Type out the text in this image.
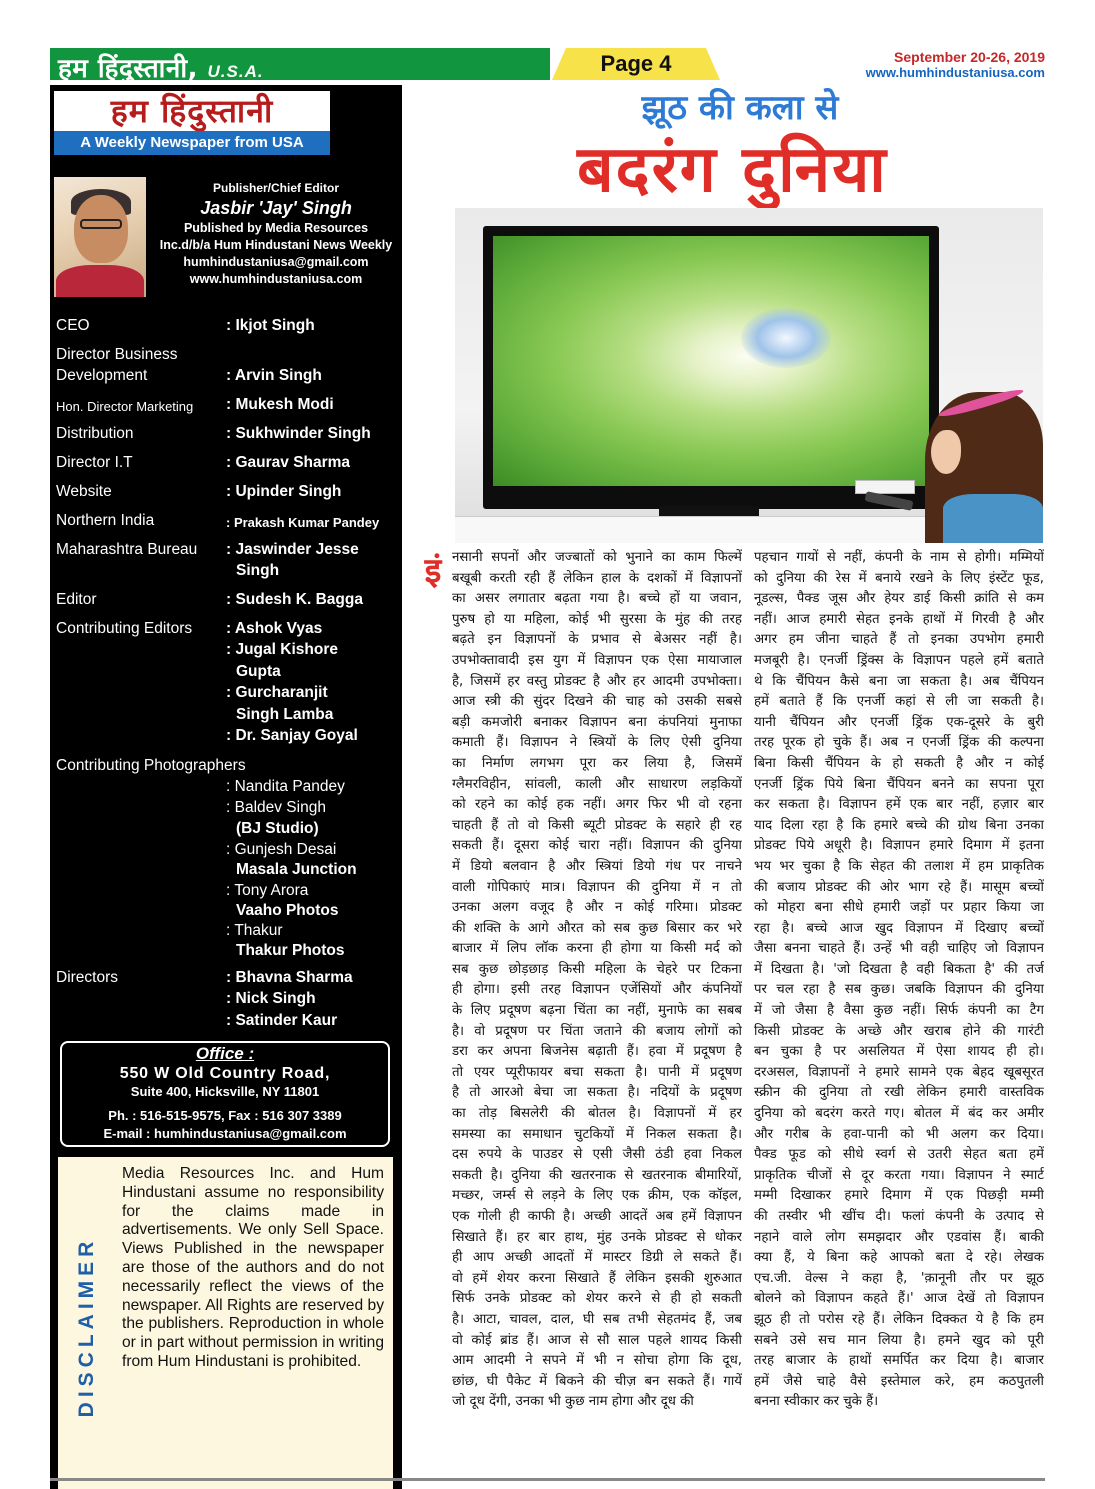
हम हिंदुस्तानी, U.S.A.	Page 4	September 20-26, 2019
www.humhindustaniusa.com
हम हिंदुस्तानी
A Weekly Newspaper from USA
Publisher/Chief Editor
Jasbir 'Jay' Singh
Published by Media Resources
Inc.d/b/a Hum Hindustani News Weekly
humhindustaniusa@gmail.com
www.humhindustaniusa.com
CEO	: Ikjot Singh
Director Business
Development	: Arvin Singh
Hon. Director Marketing	: Mukesh Modi
Distribution	: Sukhwinder Singh
Director I.T	: Gaurav Sharma
Website	: Upinder Singh
Northern India	: Prakash Kumar Pandey
Maharashtra Bureau	: Jaswinder Jesse
Singh
Editor	: Sudesh K. Bagga
Contributing Editors	: Ashok Vyas
: Jugal Kishore
Gupta
: Gurcharanjit
Singh Lamba
: Dr. Sanjay Goyal
Contributing Photographers
: Nandita Pandey
: Baldev Singh
(BJ Studio)
: Gunjesh Desai
Masala Junction
: Tony Arora
Vaaho Photos
: Thakur
Thakur Photos
Directors	: Bhavna Sharma
: Nick Singh
: Satinder Kaur
Office :
550 W Old Country Road,
Suite 400, Hicksville, NY 11801
Ph. : 516-515-9575, Fax : 516 307 3389
E-mail : humhindustaniusa@gmail.com
DISCLAIMER
Media Resources Inc. and Hum Hindustani assume no responsibility for the claims made in advertisements. We only Sell Space. Views Published in the newspaper are those of the authors and do not necessarily reflect the views of the newspaper. All Rights are reserved by the publishers. Reproduction in whole or in part without permission in writing from Hum Hindustani is prohibited.
झूठ की कला से
बदरंग दुनिया
इं नसानी सपनों और जज्बातों को भुनाने का काम फिल्में
बखूबी करती रही हैं लेकिन हाल के दशकों में विज्ञापनों
का असर लगातार बढ़ता गया है। बच्चे हों या जवान,
पुरुष हो या महिला, कोई भी सुरसा के मुंह की तरह
बढ़ते इन विज्ञापनों के प्रभाव से बेअसर नहीं है।
उपभोक्तावादी इस युग में विज्ञापन एक ऐसा मायाजाल
है, जिसमें हर वस्तु प्रोडक्ट है और हर आदमी उपभोक्ता।
आज स्त्री की सुंदर दिखने की चाह को उसकी सबसे
बड़ी कमजोरी बनाकर विज्ञापन बना कंपनियां मुनाफा
कमाती हैं। विज्ञापन ने स्त्रियों के लिए ऐसी दुनिया
का निर्माण लगभग पूरा कर लिया है, जिसमें
ग्लैमरविहीन, सांवली, काली और साधारण लड़कियों
को रहने का कोई हक नहीं। अगर फिर भी वो रहना
चाहती हैं तो वो किसी ब्यूटी प्रोडक्ट के सहारे ही रह
सकती हैं। दूसरा कोई चारा नहीं। विज्ञापन की दुनिया
में डियो बलवान है और स्त्रियां डियो गंध पर नाचने
वाली गोपिकाएं मात्र। विज्ञापन की दुनिया में न तो
उनका अलग वजूद है और न कोई गरिमा। प्रोडक्ट
की शक्ति के आगे औरत को सब कुछ बिसार कर भरे
बाजार में लिप लॉक करना ही होगा या किसी मर्द को
सब कुछ छोड़छाड़ किसी महिला के चेहरे पर टिकना
ही होगा। इसी तरह विज्ञापन एजेंसियों और कंपनियों
के लिए प्रदूषण बढ़ना चिंता का नहीं, मुनाफे का सबब
है। वो प्रदूषण पर चिंता जताने की बजाय लोगों को
डरा कर अपना बिजनेस बढ़ाती हैं। हवा में प्रदूषण है
तो एयर प्यूरीफायर बचा सकता है। पानी में प्रदूषण
है तो आरओ बेचा जा सकता है। नदियों के प्रदूषण
का तोड़ बिसलेरी की बोतल है। विज्ञापनों में हर
समस्या का समाधान चुटकियों में निकल सकता है।
दस रुपये के पाउडर से एसी जैसी ठंडी हवा निकल
सकती है। दुनिया की खतरनाक से खतरनाक बीमारियों,
मच्छर, जर्म्स से लड़ने के लिए एक क्रीम, एक कॉइल,
एक गोली ही काफी है। अच्छी आदतें अब हमें विज्ञापन
सिखाते हैं। हर बार हाथ, मुंह उनके प्रोडक्ट से धोकर
ही आप अच्छी आदतों में मास्टर डिग्री ले सकते हैं।
वो हमें शेयर करना सिखाते हैं लेकिन इसकी शुरुआत
सिर्फ उनके प्रोडक्ट को शेयर करने से ही हो सकती
है। आटा, चावल, दाल, घी सब तभी सेहतमंद हैं, जब
वो कोई ब्रांड हैं। आज से सौ साल पहले शायद किसी
आम आदमी ने सपने में भी न सोचा होगा कि दूध,
छांछ, घी पैकेट में बिकने की चीज़ बन सकते हैं। गायें
जो दूध देंगी, उनका भी कुछ नाम होगा और दूध की
पहचान गायों से नहीं, कंपनी के नाम से होगी। मम्मियों
को दुनिया की रेस में बनाये रखने के लिए इंस्टेंट फूड,
नूडल्स, पैक्ड जूस और हेयर डाई किसी क्रांति से कम
नहीं। आज हमारी सेहत इनके हाथों में गिरवी है और
अगर हम जीना चाहते हैं तो इनका उपभोग हमारी
मजबूरी है। एनर्जी ड्रिंक्स के विज्ञापन पहले हमें बताते
थे कि चैंपियन कैसे बना जा सकता है। अब चैंपियन
हमें बताते हैं कि एनर्जी कहां से ली जा सकती है।
यानी चैंपियन और एनर्जी ड्रिंक एक-दूसरे के बुरी
तरह पूरक हो चुके हैं। अब न एनर्जी ड्रिंक की कल्पना
बिना किसी चैंपियन के हो सकती है और न कोई
एनर्जी ड्रिंक पिये बिना चैंपियन बनने का सपना पूरा
कर सकता है। विज्ञापन हमें एक बार नहीं, हज़ार बार
याद दिला रहा है कि हमारे बच्चे की ग्रोथ बिना उनका
प्रोडक्ट पिये अधूरी है। विज्ञापन हमारे दिमाग में इतना
भय भर चुका है कि सेहत की तलाश में हम प्राकृतिक
की बजाय प्रोडक्ट की ओर भाग रहे हैं। मासूम बच्चों
को मोहरा बना सीधे हमारी जड़ों पर प्रहार किया जा
रहा है। बच्चे आज खुद विज्ञापन में दिखाए बच्चों
जैसा बनना चाहते हैं। उन्हें भी वही चाहिए जो विज्ञापन
में दिखता है। 'जो दिखता है वही बिकता है' की तर्ज
पर चल रहा है सब कुछ। जबकि विज्ञापन की दुनिया
में जो जैसा है वैसा कुछ नहीं। सिर्फ कंपनी का टैग
किसी प्रोडक्ट के अच्छे और खराब होने की गारंटी
बन चुका है पर असलियत में ऐसा शायद ही हो।
दरअसल, विज्ञापनों ने हमारे सामने एक बेहद खूबसूरत
स्क्रीन की दुनिया तो रखी लेकिन हमारी वास्तविक
दुनिया को बदरंग करते गए। बोतल में बंद कर अमीर
और गरीब के हवा-पानी को भी अलग कर दिया।
पैक्ड फूड को सीधे स्वर्ग से उतरी सेहत बता हमें
प्राकृतिक चीजों से दूर करता गया। विज्ञापन ने स्मार्ट
मम्मी दिखाकर हमारे दिमाग में एक पिछड़ी मम्मी
की तस्वीर भी खींच दी। फलां कंपनी के उत्पाद से
नहाने वाले लोग समझदार और एडवांस हैं। बाकी
क्या हैं, ये बिना कहे आपको बता दे रहे। लेखक
एच.जी. वेल्स ने कहा है, 'क़ानूनी तौर पर झूठ
बोलने को विज्ञापन कहते हैं।' आज देखें तो विज्ञापन
झूठ ही तो परोस रहे हैं। लेकिन दिक्कत ये है कि हम
सबने उसे सच मान लिया है। हमने खुद को पूरी
तरह बाजार के हाथों समर्पित कर दिया है। बाजार
हमें जैसे चाहे वैसे इस्तेमाल करे, हम कठपुतली
बनना स्वीकार कर चुके हैं।
